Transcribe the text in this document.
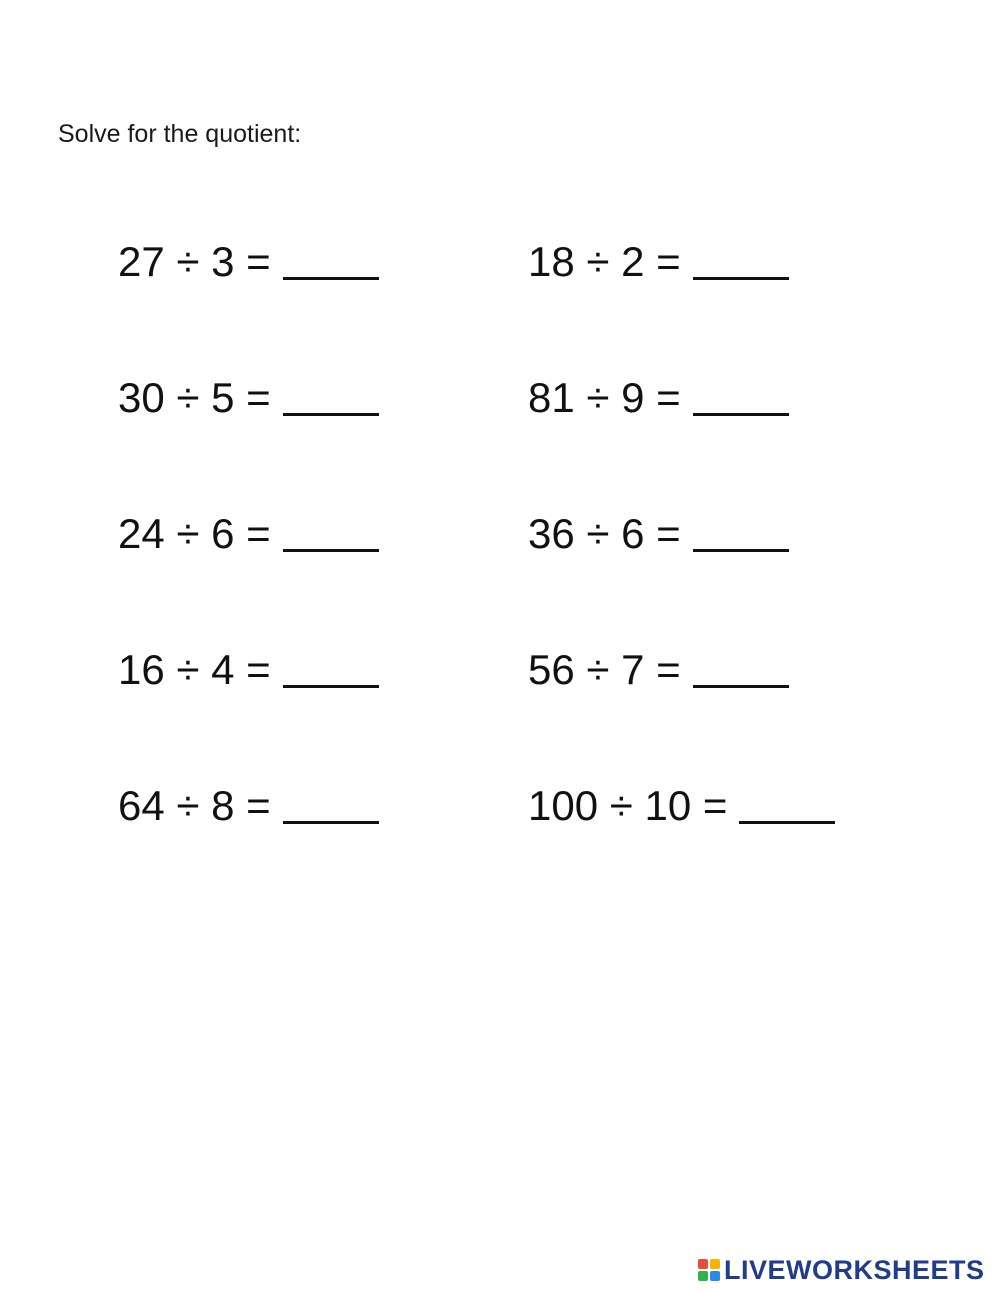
Solve for the quotient:
27 ÷ 3 =	18 ÷ 2 =
30 ÷ 5 =	81 ÷ 9 =
24 ÷ 6 =	36 ÷ 6 =
16 ÷ 4 =	56 ÷ 7 =
64 ÷ 8 =	100 ÷ 10 =
LIVEWORKSHEETS
